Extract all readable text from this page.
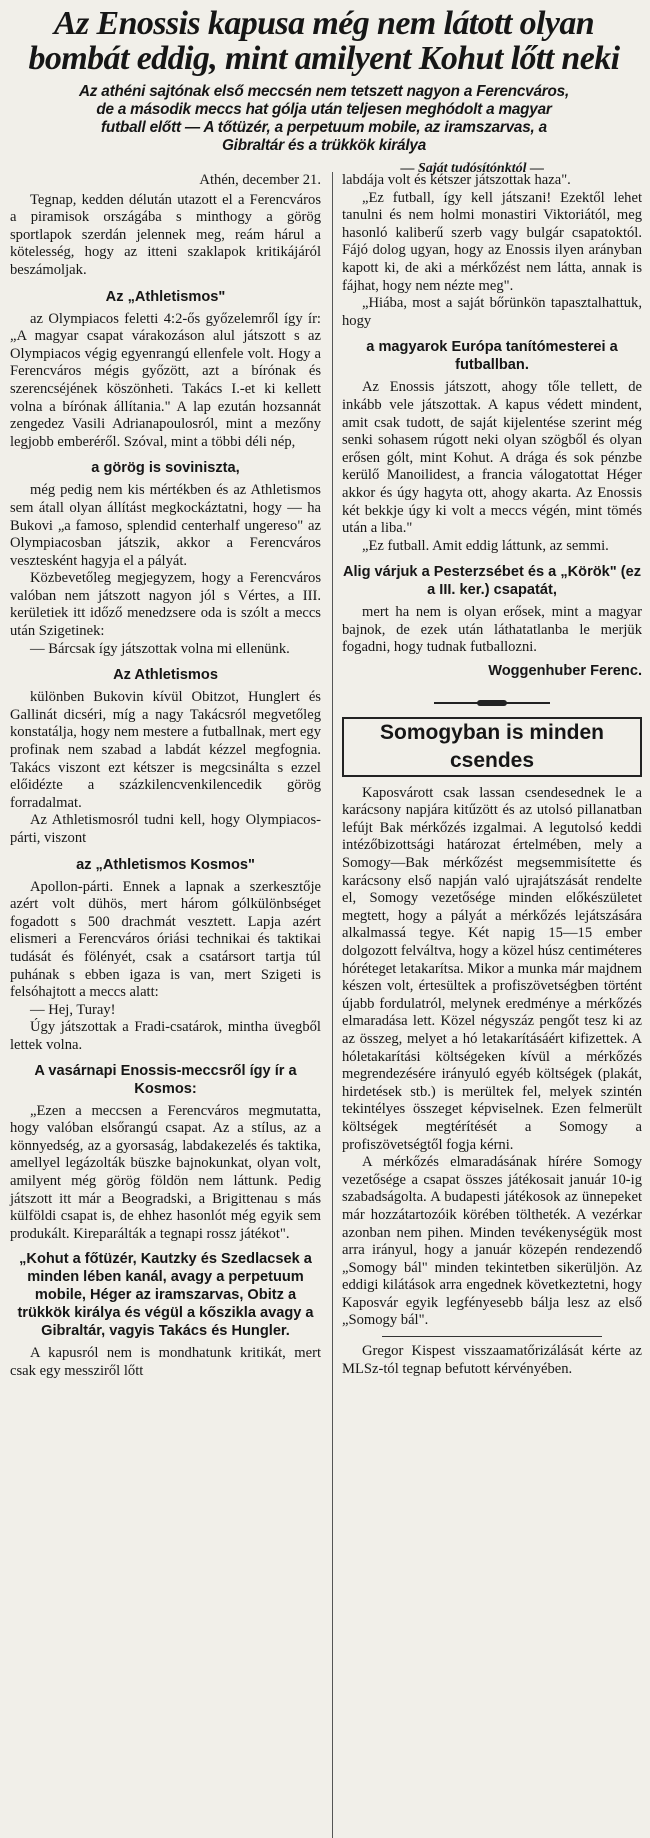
Az Enossis kapusa még nem látott olyan
bombát eddig, mint amilyent Kohut lőtt neki
Az athéni sajtónak első meccsén nem tetszett nagyon a Ferencváros,
de a második meccs hat gólja után teljesen meghódolt a magyar
futball előtt — A tőtüzér, a perpetuum mobile, az iramszarvas, a
Gibraltár és a trükkök királya
— Saját tudósítónktól —

Athén, december 21.

Tegnap, kedden délután utazott el a Ferencváros a piramisok országába s minthogy a görög sportlapok szerdán jelennek meg, reám hárul a kötelesség, hogy az itteni szaklapok kritikájáról beszámoljak.

Az „Athletismos"

az Olympiacos feletti 4:2-ős győzelemről így ír: „A magyar csapat várakozáson alul játszott s az Olympiacos végig egyenrangú ellenfele volt. Hogy a Ferencváros mégis győzött, azt a bírónak és szerencséjének köszönheti. Takács I.-et ki kellett volna a bírónak állítania." A lap ezután hozsannát zengedez Vasili Adrianapoulosról, mint a mezőny legjobb emberéről. Szóval, mint a többi déli nép,

a görög is soviniszta,

még pedig nem kis mértékben és az Athletismos sem átall olyan állítást megkockáztatni, hogy — ha Bukovi „a famoso, splendid centerhalf ungereso" az Olympiacosban játszik, akkor a Ferencváros vesztesként hagyja el a pályát.

Közbevetőleg megjegyzem, hogy a Ferencváros valóban nem játszott nagyon jól s Vértes, a III. kerületiek itt időző menedzsere oda is szólt a meccs után Szigetinek:

— Bárcsak így játszottak volna mi ellenünk.

Az Athletismos

különben Bukovin kívül Obitzot, Hunglert és Gallinát dicséri, míg a nagy Takácsról megvetőleg konstatálja, hogy nem mestere a futballnak, mert egy profinak nem szabad a labdát kézzel megfognia. Takács viszont ezt kétszer is megcsinálta s ezzel előidézte a százkilencvenkilencedik görög forradalmat.

Az Athletismosról tudni kell, hogy Olympiacos-párti, viszont

az „Athletismos Kosmos"

Apollon-párti. Ennek a lapnak a szerkesztője azért volt dühös, mert három gólkülönbséget fogadott s 500 drachmát vesztett. Lapja azért elismeri a Ferencváros óriási technikai és taktikai tudását és fölényét, csak a csatársort tartja túl puhának s ebben igaza is van, mert Szigeti is felsóhajtott a meccs alatt:

— Hej, Turay!

Úgy játszottak a Fradi-csatárok, mintha üvegből lettek volna.

A vasárnapi Enossis-meccsről így ír a Kosmos:

„Ezen a meccsen a Ferencváros megmutatta, hogy valóban elsőrangú csapat. Az a stílus, az a könnyedség, az a gyorsaság, labdakezelés és taktika, amellyel legázolták büszke bajnokunkat, olyan volt, amilyent még görög földön nem láttunk. Pedig játszott itt már a Beogradski, a Brigittenau s más külföldi csapat is, de ehhez hasonlót még egyik sem produkált. Kireparálták a tegnapi rossz játékot".

„Kohut a főtüzér, Kautzky és Szedlacsek a minden lében kanál, avagy a perpetuum mobile, Héger az iramszarvas, Obitz a trükkök királya és végül a kősziklа avagy a Gibraltár, vagyis Takács és Hungler.

A kapusról nem is mondhatunk kritikát, mert csak egy messziről lőtt

labdája volt és kétszer játszottak haza".

„Ez futball, így kell játszani! Ezektől lehet tanulni és nem holmi monastiri Viktoriától, meg hasonló kaliberű szerb vagy bulgár csapatoktól. Fájó dolog ugyan, hogy az Enossis ilyen arányban kapott ki, de aki a mérkőzést nem látta, annak is fájhat, hogy nem nézte meg".

„Hiába, most a saját bőrünkön tapasztalhattuk, hogy

a magyarok Európa tanítómesterei a futballban.

Az Enossis játszott, ahogy tőle tellett, de inkább vele játszottak. A kapus védett mindent, amit csak tudott, de saját kijelentése szerint még senki sohasem rúgott neki olyan szögből és olyan erősen gólt, mint Kohut. A drága és sok pénzbe kerülő Manoilidest, a francia válogatottat Héger akkor és úgy hagyta ott, ahogy akarta. Az Enossis két bekkje úgy ki volt a meccs végén, mint tömés után a liba."

„Ez futball. Amit eddig láttunk, az semmi.

Alig várjuk a Pesterzsébet és a „Körök" (ez a III. ker.) csapatát,

mert ha nem is olyan erősek, mint a magyar bajnok, de ezek után láthatatlanba le merjük fogadni, hogy tudnak futballozni.

Woggenhuber Ferenc.
Somogyban is minden csendes

Kaposvárott csak lassan csendesednek le a karácsony napjára kitűzött és az utolsó pillanatban lefújt Bak mérkőzés izgalmai. A legutolsó keddi intézőbizottsági határozat értelmében, mely a Somogy—Bak mérkőzést megsemmisítette és karácsony első napján való ujrajátszását rendelte el, Somogy vezetősége minden előkészületet megtett, hogy a pályát a mérkőzés lejátszására alkalmassá tegye. Két napig 15—15 ember dolgozott felváltva, hogy a közel húsz centiméteres hóréteget letakarítsa. Mikor a munka már majdnem készen volt, értesültek a profiszövetségben történt újabb fordulatról, melynek eredménye a mérkőzés elmaradása lett. Közel négyszáz pengőt tesz ki az az összeg, melyet a hó letakarításáért kifizettek. A hóletakarítási költségeken kívül a mérkőzés megrendezésére irányuló egyéb költségek (plakát, hirdetések stb.) is merültek fel, melyek szintén tekintélyes összeget képviselnek. Ezen felmerült költségek megtérítését a Somogy a profiszövetségtől fogja kérni.

A mérkőzés elmaradásának hírére Somogy vezetősége a csapat összes játékosait január 10-ig szabadságolta. A budapesti játékosok az ünnepeket már hozzátartozóik körében töltheték. A vezérkar azonban nem pihen. Minden tevékenységük most arra irányul, hogy a január közepén rendezendő „Somogy bál" minden tekintetben sikerüljön. Az eddigi kilátások arra engednek következtetni, hogy Kaposvár egyik legfényesebb bálja lesz az első „Somogy bál".

Gregor Kispest visszaamatőrizálását kérte az MLSz-tól tegnap befutott kérvényében.
